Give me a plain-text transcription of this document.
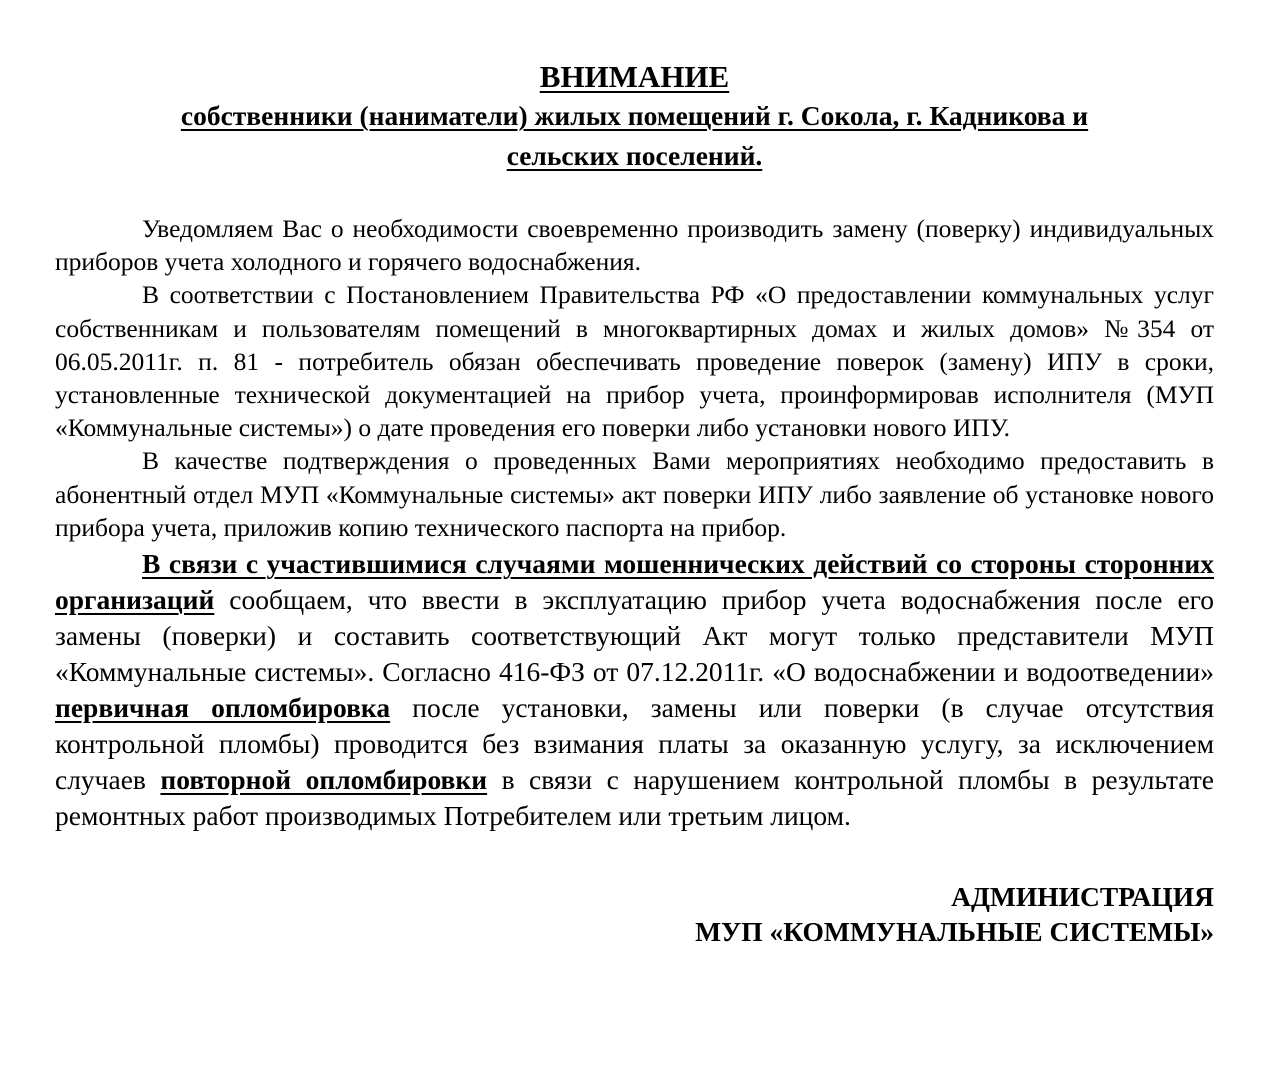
ВНИМАНИЕ
собственники (наниматели) жилых помещений г. Сокола, г. Кадникова и
сельских поселений.

Уведомляем Вас о необходимости своевременно производить замену (поверку) индивидуальных приборов учета холодного и горячего водоснабжения.

В соответствии с Постановлением Правительства РФ «О предоставлении коммунальных услуг собственникам и пользователям помещений в многоквартирных домах и жилых домов» №354 от 06.05.2011г. п. 81 - потребитель обязан обеспечивать проведение поверок (замену) ИПУ в сроки, установленные технической документацией на прибор учета, проинформировав исполнителя (МУП «Коммунальные системы») о дате проведения его поверки либо установки нового ИПУ.

В качестве подтверждения о проведенных Вами мероприятиях необходимо предоставить в абонентный отдел МУП «Коммунальные системы» акт поверки ИПУ либо заявление об установке нового прибора учета, приложив копию технического паспорта на прибор.

В связи с участившимися случаями мошеннических действий со стороны сторонних организаций сообщаем, что ввести в эксплуатацию прибор учета водоснабжения после его замены (поверки) и составить соответствующий Акт могут только представители МУП «Коммунальные системы». Согласно 416-ФЗ от 07.12.2011г. «О водоснабжении и водоотведении» первичная опломбировка после установки, замены или поверки (в случае отсутствия контрольной пломбы) проводится без взимания платы за оказанную услугу, за исключением случаев повторной опломбировки в связи с нарушением контрольной пломбы в результате ремонтных работ производимых Потребителем или третьим лицом.

АДМИНИСТРАЦИЯ
МУП «КОММУНАЛЬНЫЕ СИСТЕМЫ»
